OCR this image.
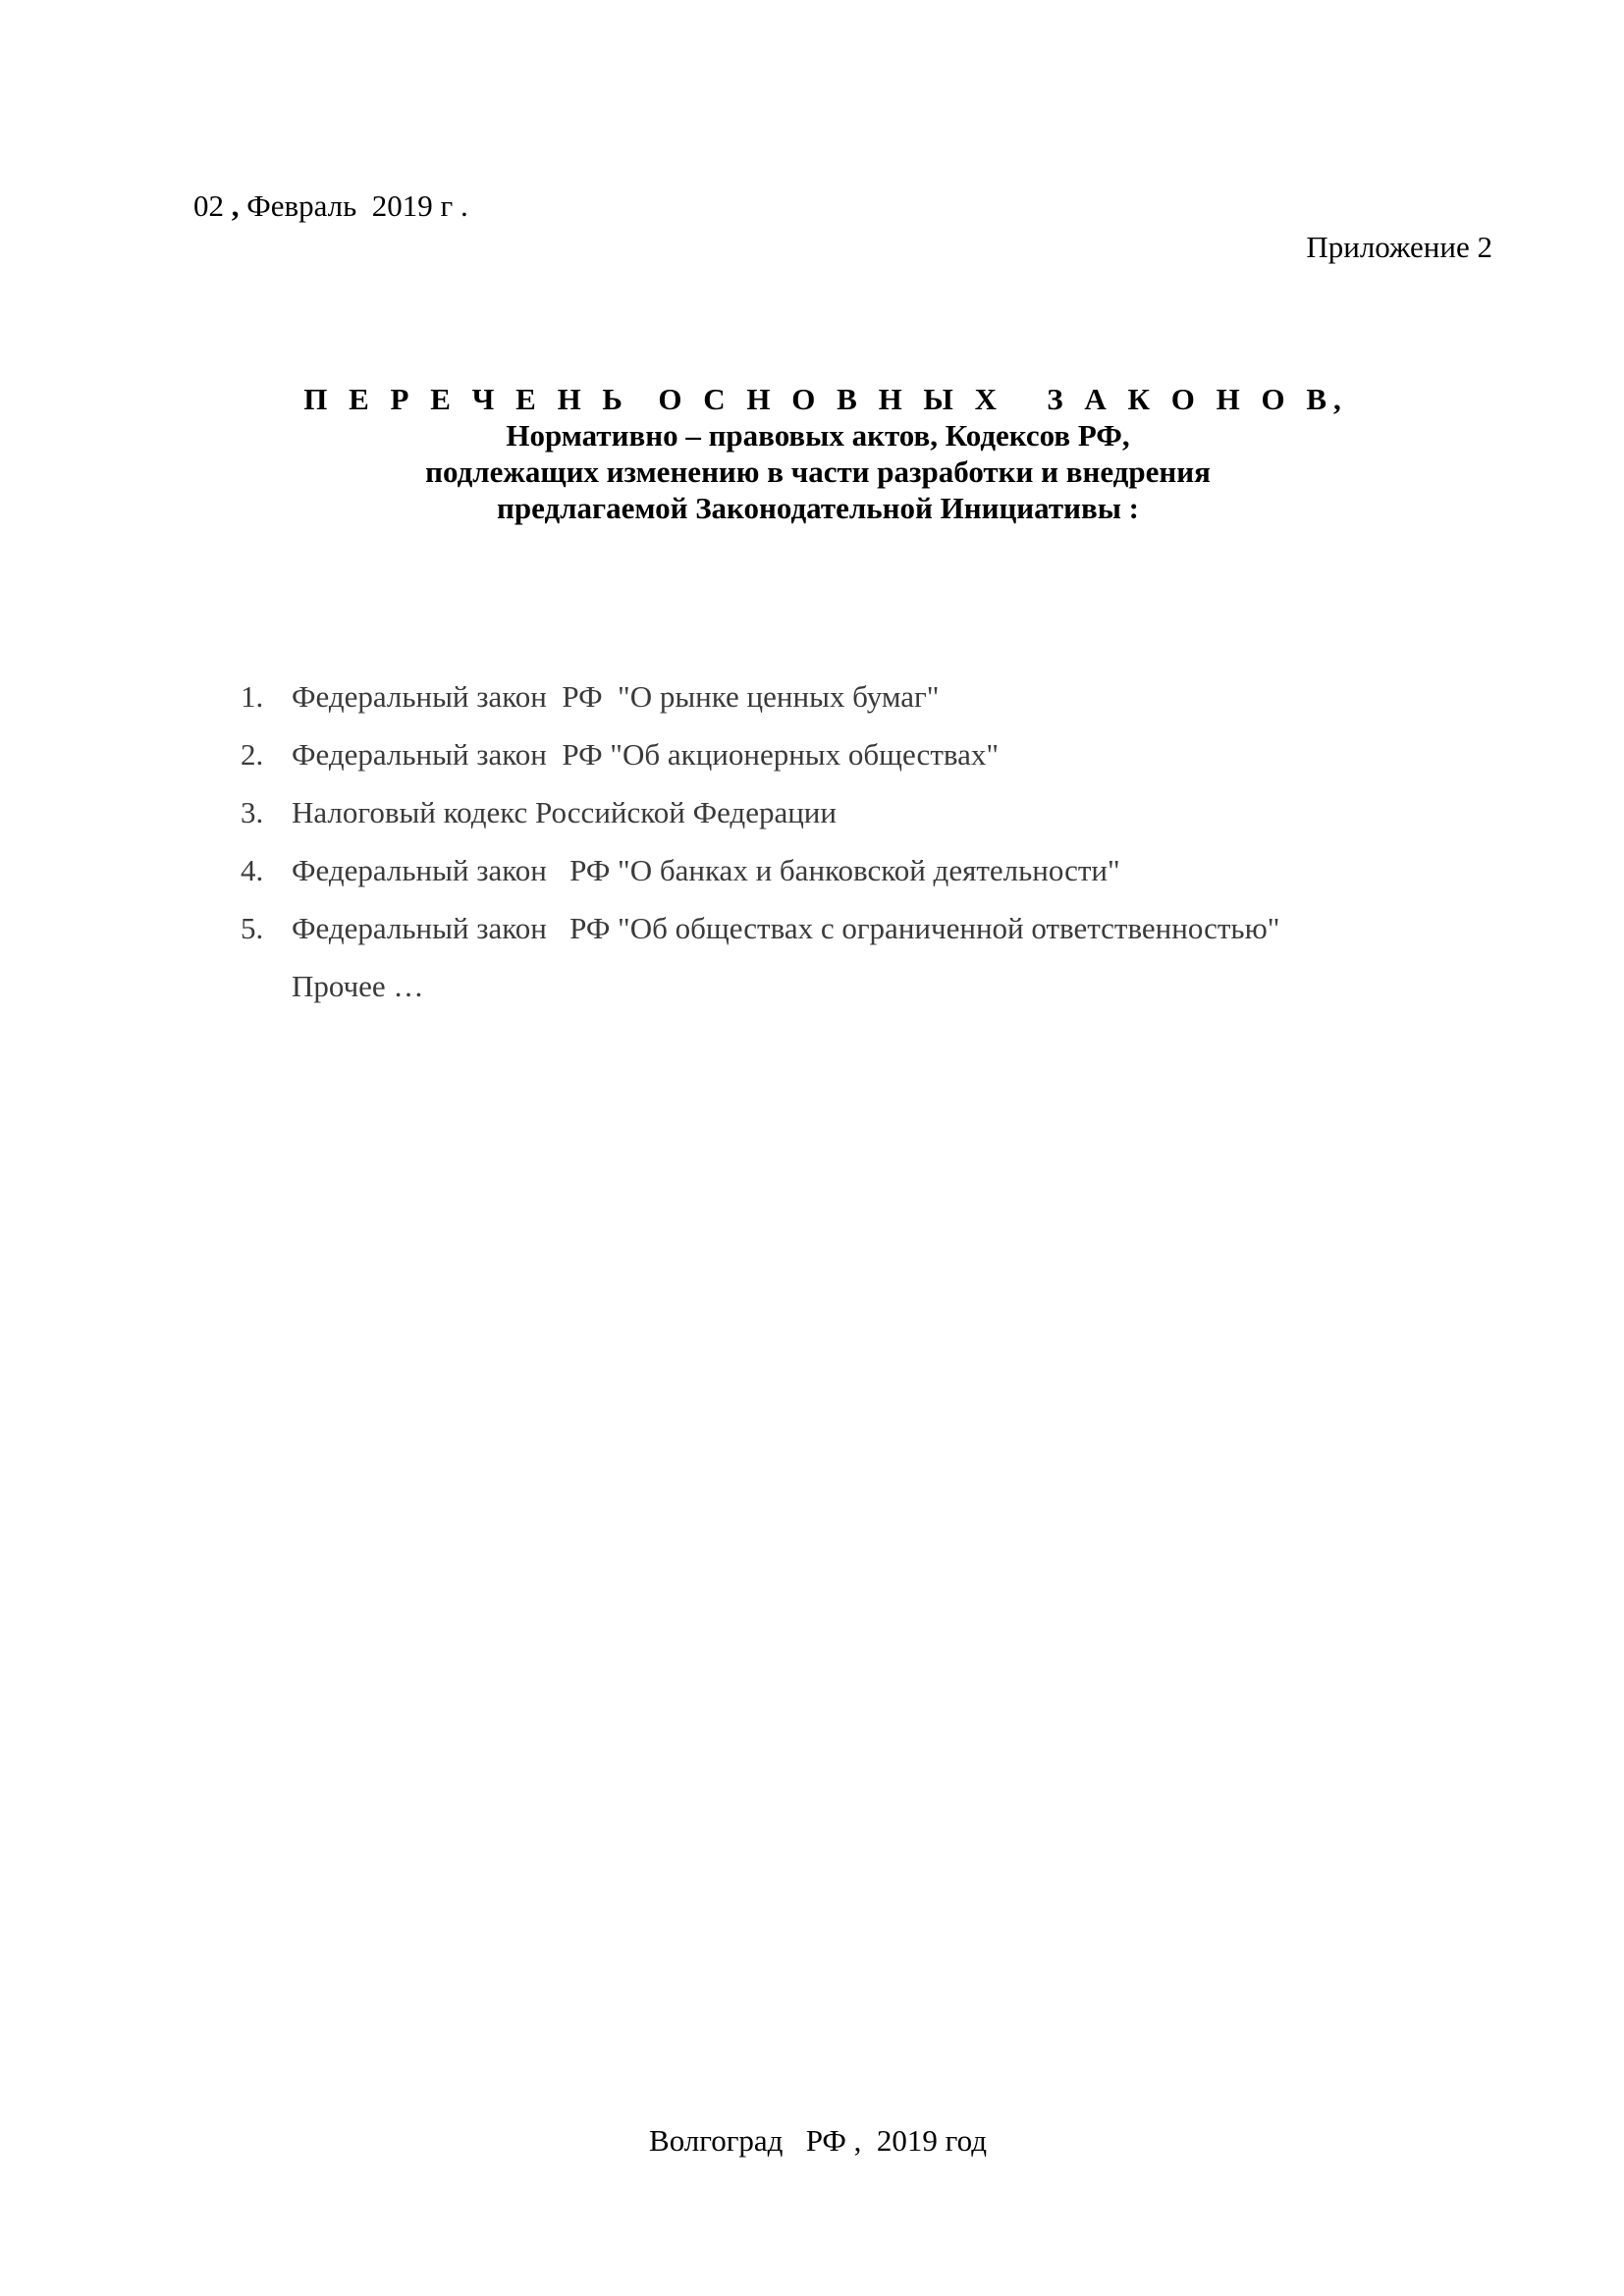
02 , Февраль  2019 г .
Приложение 2
П Е Р Е Ч Е Н Ь  О С Н О В Н Ы Х   З А К О Н О В,
Нормативно – правовых актов, Кодексов РФ,
подлежащих изменению в части разработки и внедрения
предлагаемой Законодательной Инициативы :
1. Федеральный закон  РФ  "О рынке ценных бумаг"
2. Федеральный закон  РФ "Об акционерных обществах"
3. Налоговый кодекс Российской Федерации
4. Федеральный закон   РФ "О банках и банковской деятельности"
5. Федеральный закон   РФ "Об обществах с ограниченной ответственностью"
Прочее …
Волгоград   РФ ,  2019 год
